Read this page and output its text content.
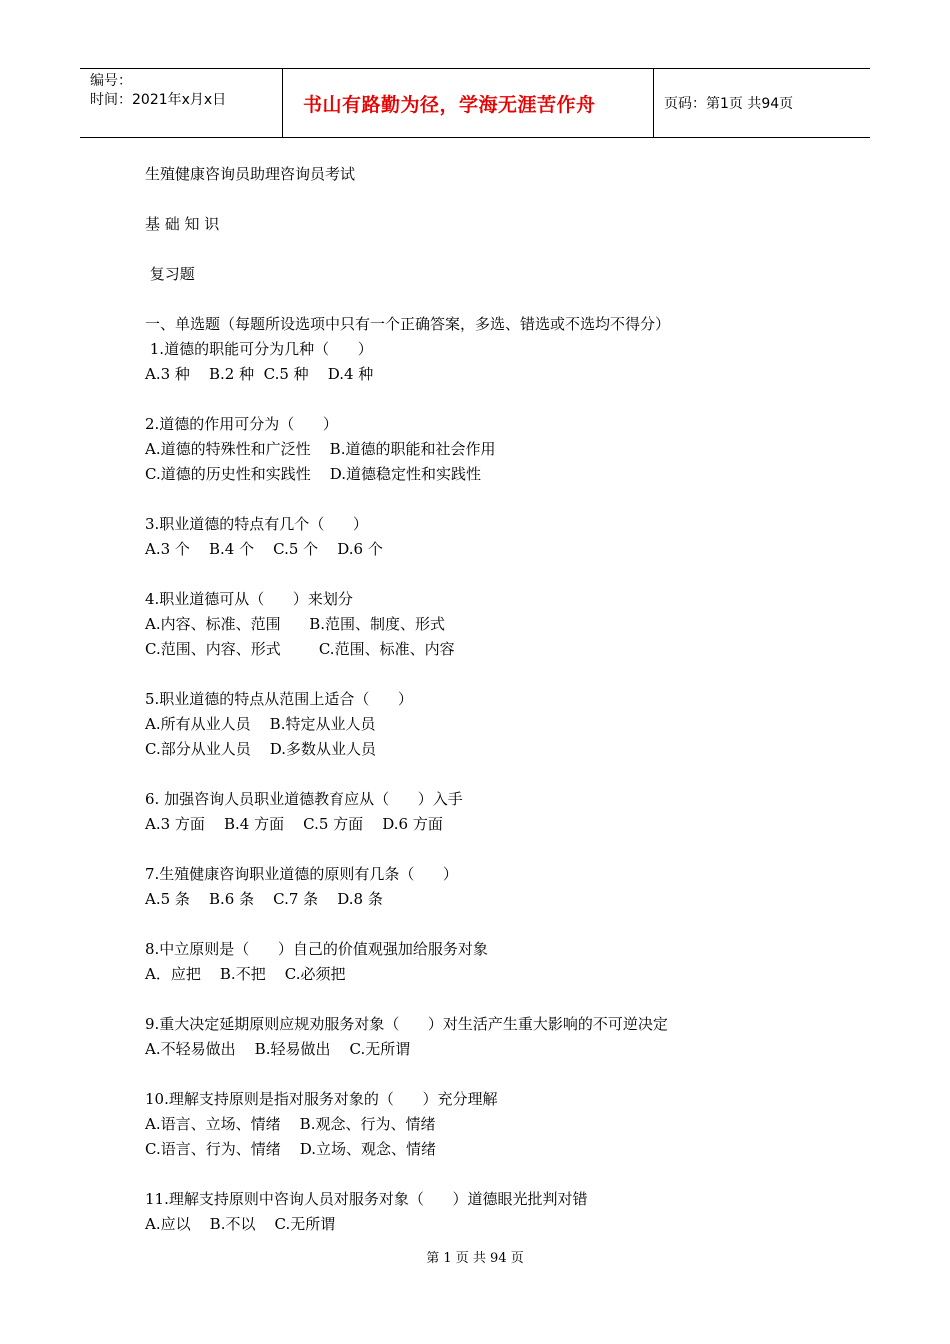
编号：
时间：2021年x月x日	书山有路勤为径，学海无涯苦作舟	页码：第1页 共94页

生殖健康咨询员助理咨询员考试

基 础 知 识

复习题

一、单选题（每题所设选项中只有一个正确答案，多选、错选或不选均不得分）

1.道德的职能可分为几种（      ）

A.3 种    B.2 种  C.5 种    D.4 种

2.道德的作用可分为（      ）

A.道德的特殊性和广泛性    B.道德的职能和社会作用

C.道德的历史性和实践性    D.道德稳定性和实践性

3.职业道德的特点有几个（      ）

A.3 个    B.4 个    C.5 个    D.6 个

4.职业道德可从（      ）来划分

A.内容、标准、范围      B.范围、制度、形式

C.范围、内容、形式        C.范围、标准、内容

5.职业道德的特点从范围上适合（      ）

A.所有从业人员    B.特定从业人员

C.部分从业人员    D.多数从业人员

6. 加强咨询人员职业道德教育应从（      ）入手

A.3 方面    B.4 方面    C.5 方面    D.6 方面

7.生殖健康咨询职业道德的原则有几条（      ）

A.5 条    B.6 条    C.7 条    D.8 条

8.中立原则是（      ）自己的价值观强加给服务对象

A．应把    B.不把    C.必须把

9.重大决定延期原则应规劝服务对象（      ）对生活产生重大影响的不可逆决定

A.不轻易做出    B.轻易做出    C.无所谓

10.理解支持原则是指对服务对象的（      ）充分理解

A.语言、立场、情绪    B.观念、行为、情绪

C.语言、行为、情绪    D.立场、观念、情绪

11.理解支持原则中咨询人员对服务对象（      ）道德眼光批判对错

A.应以    B.不以    C.无所谓

第 1 页 共 94 页
